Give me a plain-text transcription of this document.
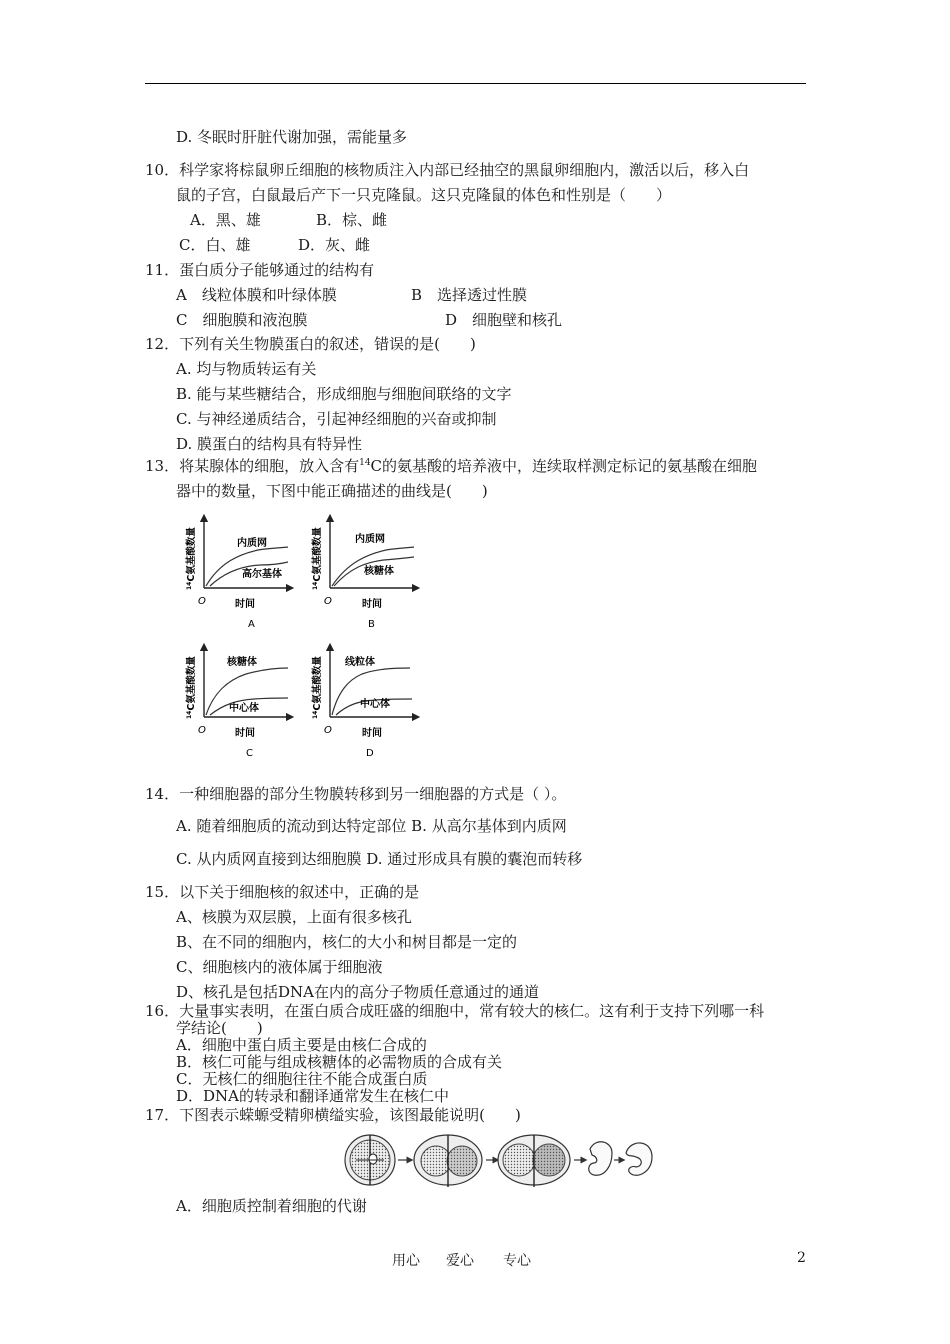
D. 冬眠时肝脏代谢加强，需能量多
10．科学家将棕鼠卵丘细胞的核物质注入内部已经抽空的黑鼠卵细胞内，激活以后，移入白
鼠的子宫，白鼠最后产下一只克隆鼠。这只克隆鼠的体色和性别是（　　）
A．黑、雄	B．棕、雌
C．白、雄	D．灰、雌
11．蛋白质分子能够通过的结构有
A　线粒体膜和叶绿体膜	B　选择透过性膜
C　细胞膜和液泡膜	D　细胞壁和核孔
12．下列有关生物膜蛋白的叙述，错误的是(　　)
A. 均与物质转运有关
B. 能与某些糖结合，形成细胞与细胞间联络的文字
C. 与神经递质结合，引起神经细胞的兴奋或抑制
D. 膜蛋白的结构具有特异性
13．将某腺体的细胞，放入含有$^{14}$C的氨基酸的培养液中，连续取样测定标记的氨基酸在细胞
器中的数量，下图中能正确描述的曲线是(　　)
内质网
高尔基体
O	时间
A
$^{14}$C氨基酸数量	内质网
核糖体
O	时间
B
$^{14}$C氨基酸数量
核糖体
中心体
O	时间
C
$^{14}$C氨基酸数量	线粒体
中心体
O	时间
D
$^{14}$C氨基酸数量
14．一种细胞器的部分生物膜转移到另一细胞器的方式是（ ）。
A. 随着细胞质的流动到达特定部位 B. 从高尔基体到内质网
C. 从内质网直接到达细胞膜 D. 通过形成具有膜的囊泡而转移
15．以下关于细胞核的叙述中，正确的是
A、核膜为双层膜，上面有很多核孔
B、在不同的细胞内，核仁的大小和树目都是一定的
C、细胞核内的液体属于细胞液
D、核孔是包括DNA在内的高分子物质任意通过的通道
16．大量事实表明，在蛋白质合成旺盛的细胞中，常有较大的核仁。这有利于支持下列哪一科
学结论(　　)
A．细胞中蛋白质主要是由核仁合成的
B．核仁可能与组成核糖体的必需物质的合成有关
C．无核仁的细胞往往不能合成蛋白质
D．DNA的转录和翻译通常发生在核仁中
17．下图表示蝾螈受精卵横缢实验，该图最能说明(　　)
A．细胞质控制着细胞的代谢
用心 爱心 专心	2
